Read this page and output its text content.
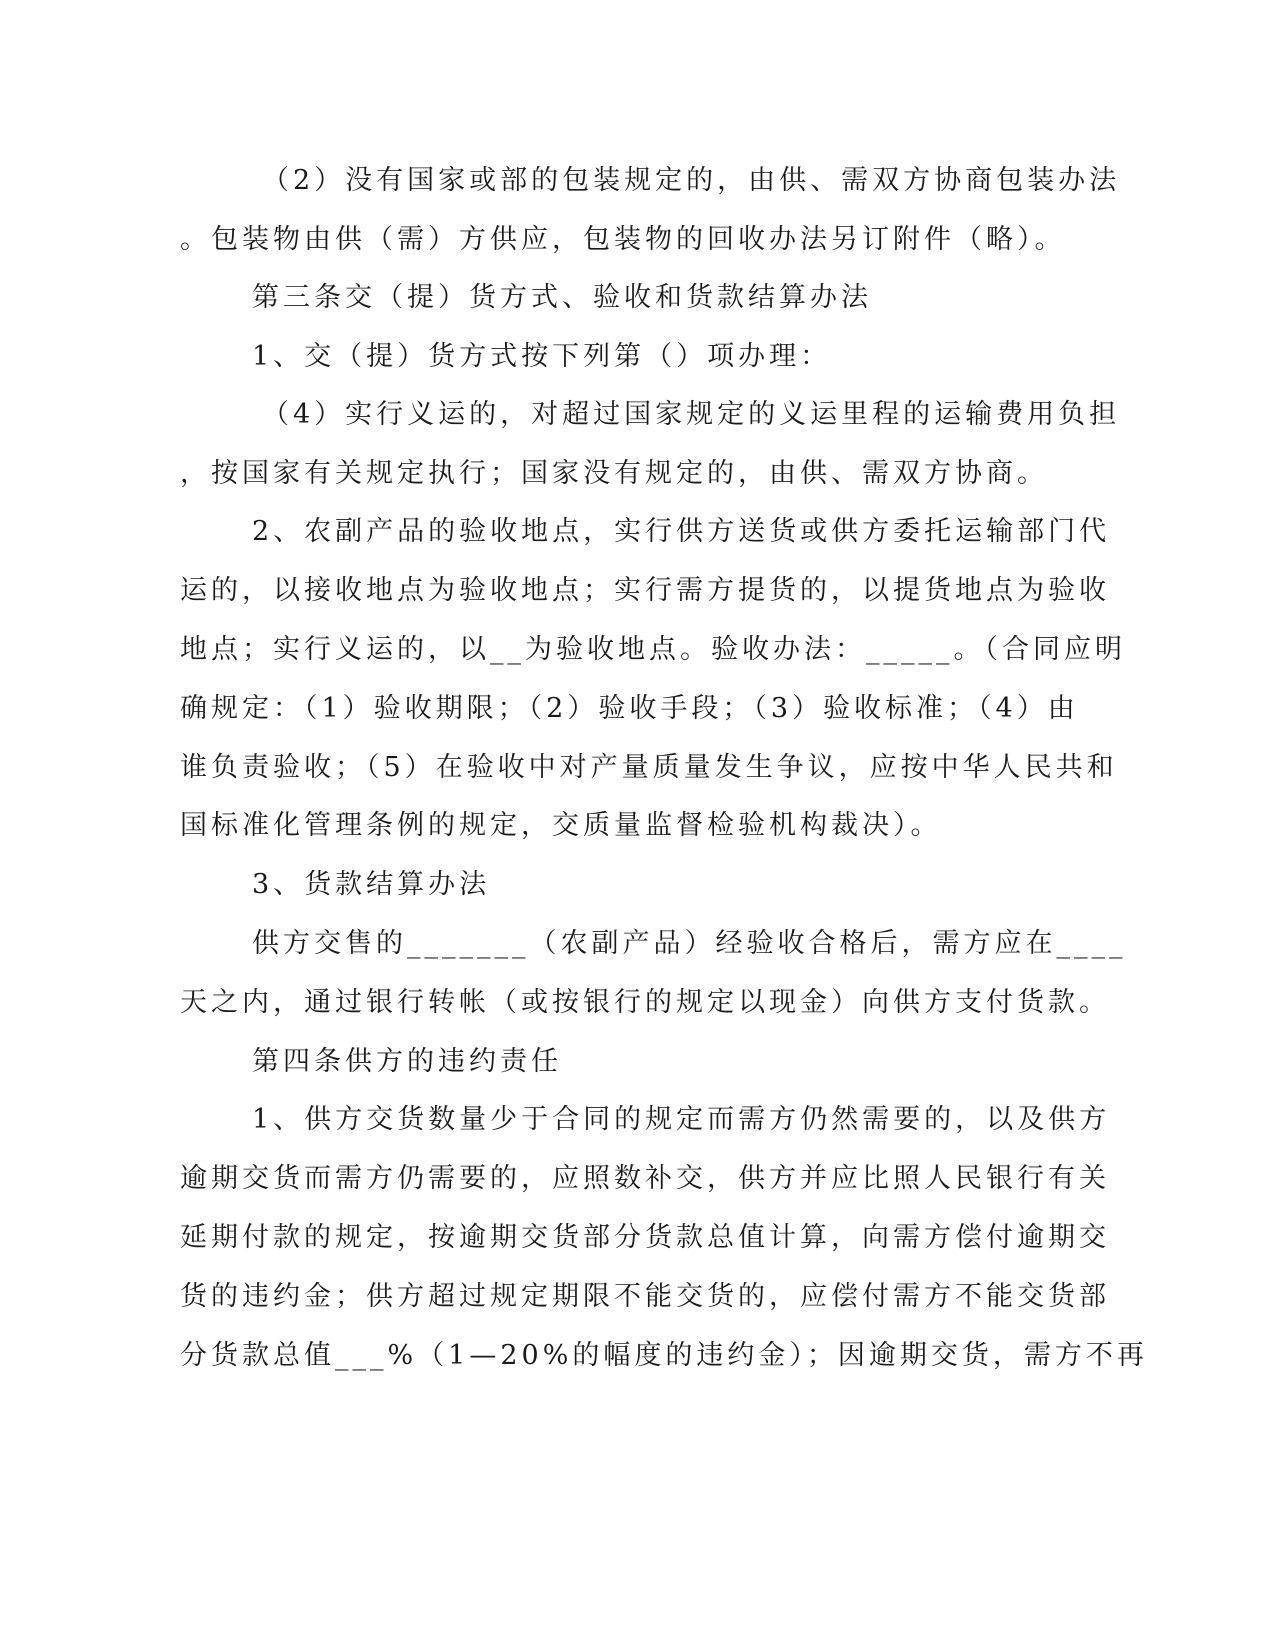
（2）没有国家或部的包装规定的，由供、需双方协商包装办法
。包装物由供（需）方供应，包装物的回收办法另订附件（略）。
第三条交（提）货方式、验收和货款结算办法
1、交（提）货方式按下列第（）项办理：
（4）实行义运的，对超过国家规定的义运里程的运输费用负担
，按国家有关规定执行；国家没有规定的，由供、需双方协商。
2、农副产品的验收地点，实行供方送货或供方委托运输部门代
运的，以接收地点为验收地点；实行需方提货的，以提货地点为验收
地点；实行义运的，以__为验收地点。验收办法：_____。（合同应明
确规定：（1）验收期限；（2）验收手段；（3）验收标准；（4）由
谁负责验收；（5）在验收中对产量质量发生争议，应按中华人民共和
国标准化管理条例的规定，交质量监督检验机构裁决）。
3、货款结算办法
供方交售的_______（农副产品）经验收合格后，需方应在____
天之内，通过银行转帐（或按银行的规定以现金）向供方支付货款。
第四条供方的违约责任
1、供方交货数量少于合同的规定而需方仍然需要的，以及供方
逾期交货而需方仍需要的，应照数补交，供方并应比照人民银行有关
延期付款的规定，按逾期交货部分货款总值计算，向需方偿付逾期交
货的违约金；供方超过规定期限不能交货的，应偿付需方不能交货部
分货款总值___%（1—20%的幅度的违约金）；因逾期交货，需方不再
